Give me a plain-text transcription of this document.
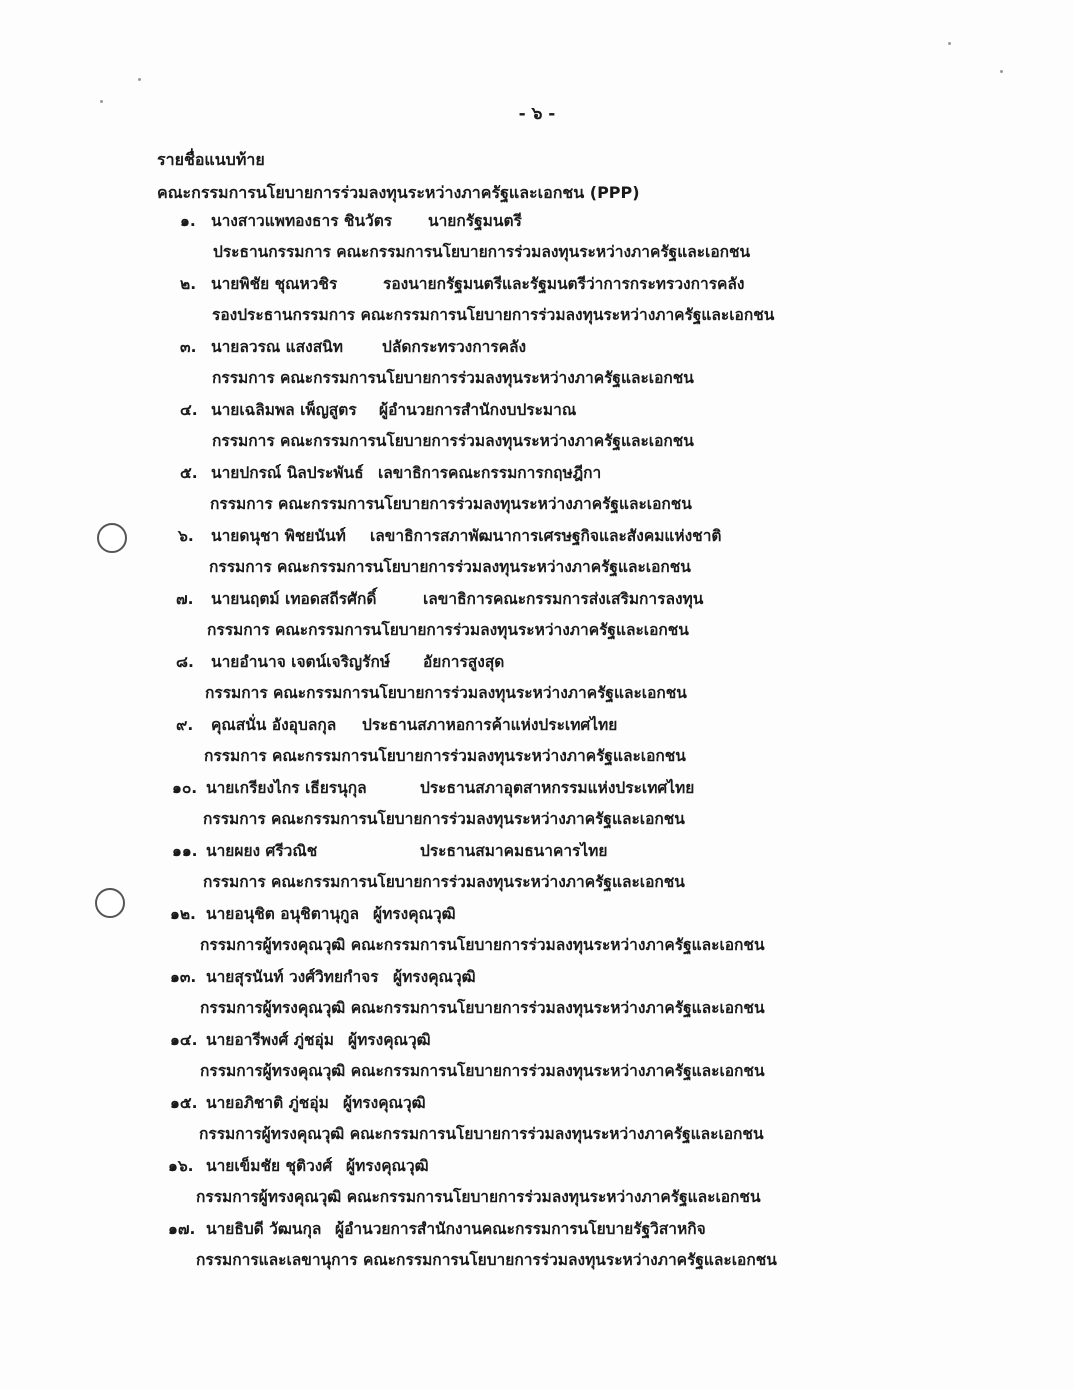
- ๖ -
รายชื่อแนบท้าย
คณะกรรมการนโยบายการร่วมลงทุนระหว่างภาครัฐและเอกชน (PPP)
๑. นางสาวแพทองธาร ชินวัตร นายกรัฐมนตรี
ประธานกรรมการ คณะกรรมการนโยบายการร่วมลงทุนระหว่างภาครัฐและเอกชน
๒. นายพิชัย ชุณหวชิร	รองนายกรัฐมนตรีและรัฐมนตรีว่าการกระทรวงการคลัง
รองประธานกรรมการ คณะกรรมการนโยบายการร่วมลงทุนระหว่างภาครัฐและเอกชน
๓. นายลวรณ แสงสนิท	ปลัดกระทรวงการคลัง
กรรมการ คณะกรรมการนโยบายการร่วมลงทุนระหว่างภาครัฐและเอกชน
๔. นายเฉลิมพล เพ็ญสูตร ผู้อำนวยการสำนักงบประมาณ
กรรมการ คณะกรรมการนโยบายการร่วมลงทุนระหว่างภาครัฐและเอกชน
๕. นายปกรณ์ นิลประพันธ์ เลขาธิการคณะกรรมการกฤษฎีกา
กรรมการ คณะกรรมการนโยบายการร่วมลงทุนระหว่างภาครัฐและเอกชน
๖. นายดนุชา พิชยนันท์ เลขาธิการสภาพัฒนาการเศรษฐกิจและสังคมแห่งชาติ
กรรมการ คณะกรรมการนโยบายการร่วมลงทุนระหว่างภาครัฐและเอกชน
๗. นายนฤตม์ เทอดสถีรศักดิ์	เลขาธิการคณะกรรมการส่งเสริมการลงทุน
กรรมการ คณะกรรมการนโยบายการร่วมลงทุนระหว่างภาครัฐและเอกชน
๘. นายอำนาจ เจตน์เจริญรักษ์ อัยการสูงสุด
กรรมการ คณะกรรมการนโยบายการร่วมลงทุนระหว่างภาครัฐและเอกชน
๙. คุณสนั่น อังอุบลกุล ประธานสภาหอการค้าแห่งประเทศไทย
กรรมการ คณะกรรมการนโยบายการร่วมลงทุนระหว่างภาครัฐและเอกชน
๑๐. นายเกรียงไกร เธียรนุกุล	ประธานสภาอุตสาหกรรมแห่งประเทศไทย
กรรมการ คณะกรรมการนโยบายการร่วมลงทุนระหว่างภาครัฐและเอกชน
๑๑. นายผยง ศรีวณิช	ประธานสมาคมธนาคารไทย
กรรมการ คณะกรรมการนโยบายการร่วมลงทุนระหว่างภาครัฐและเอกชน
๑๒. นายอนุชิต อนุชิตานุกูล ผู้ทรงคุณวุฒิ
กรรมการผู้ทรงคุณวุฒิ คณะกรรมการนโยบายการร่วมลงทุนระหว่างภาครัฐและเอกชน
๑๓. นายสุรนันท์ วงศ์วิทยกำจร ผู้ทรงคุณวุฒิ
กรรมการผู้ทรงคุณวุฒิ คณะกรรมการนโยบายการร่วมลงทุนระหว่างภาครัฐและเอกชน
๑๔. นายอารีพงศ์ ภู่ชอุ่ม ผู้ทรงคุณวุฒิ
กรรมการผู้ทรงคุณวุฒิ คณะกรรมการนโยบายการร่วมลงทุนระหว่างภาครัฐและเอกชน
๑๕. นายอภิชาติ ภู่ชอุ่ม ผู้ทรงคุณวุฒิ
กรรมการผู้ทรงคุณวุฒิ คณะกรรมการนโยบายการร่วมลงทุนระหว่างภาครัฐและเอกชน
๑๖. นายเข็มชัย ชุติวงศ์ ผู้ทรงคุณวุฒิ
กรรมการผู้ทรงคุณวุฒิ คณะกรรมการนโยบายการร่วมลงทุนระหว่างภาครัฐและเอกชน
๑๗. นายธิบดี วัฒนกุล ผู้อำนวยการสำนักงานคณะกรรมการนโยบายรัฐวิสาหกิจ
กรรมการและเลขานุการ คณะกรรมการนโยบายการร่วมลงทุนระหว่างภาครัฐและเอกชน
